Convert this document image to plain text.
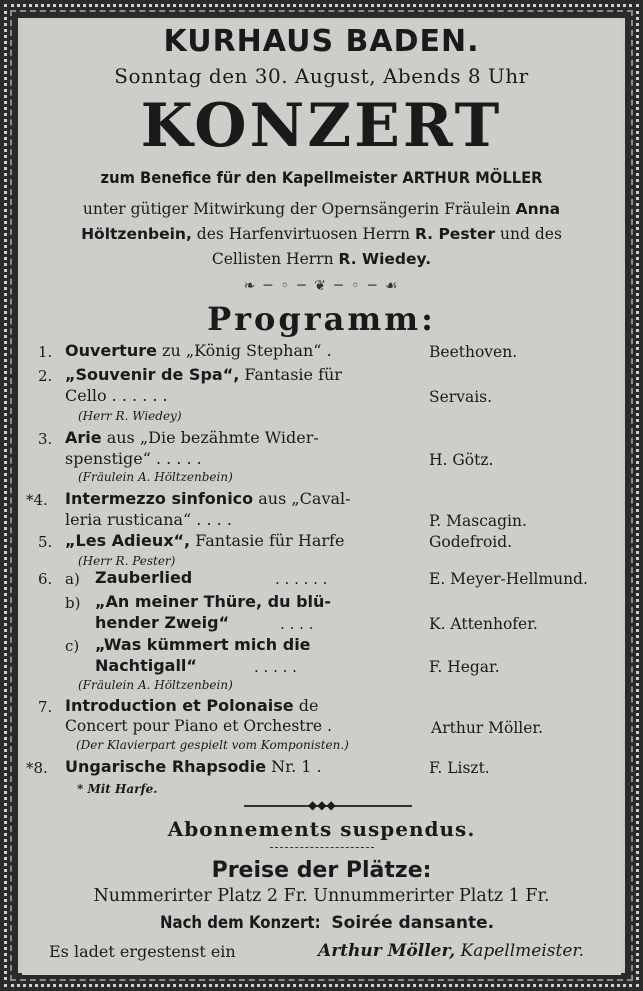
KURHAUS BADEN.
Sonntag den 30. August, Abends 8 Uhr
KONZERT
zum Benefice für den Kapellmeister ARTHUR MÖLLER
unter gütiger Mitwirkung der Opernsängerin Fräulein Anna
Höltzenbein, des Harfenvirtuosen Herrn R. Pester und des
Cellisten Herrn R. Wiedey.
❧ ─ ◦ ─ ❦ ─ ◦ ─ ☙
Programm:
1. Ouverture zu „König Stephan“ .	Beethoven.
2. „Souvenir de Spa“, Fantasie für
Cello . . . . . .	Servais.
(Herr R. Wiedey)
3. Arie aus „Die bezähmte Wider-
spenstige“ . . . . .	H. Götz.
(Fräulein A. Höltzenbein)
*4. Intermezzo sinfonico aus „Caval-
leria rusticana“ . . . .	P. Mascagin.
5. „Les Adieux“, Fantasie für Harfe	Godefroid.
(Herr R. Pester)
6. a) Zauberlied	. . . . . .	E. Meyer-Hellmund.
b) „An meiner Thüre, du blü-
hender Zweig“	. . . .	K. Attenhofer.
c) „Was kümmert mich die
Nachtigall“	. . . . .	F. Hegar.
(Fräulein A. Höltzenbein)
7. Introduction et Polonaise de
Concert pour Piano et Orchestre .	Arthur Möller.
(Der Klavierpart gespielt vom Komponisten.)
*8. Ungarische Rhapsodie Nr. 1 .	F. Liszt.
* Mit Harfe.
◆◆◆
Abonnements suspendus.
Preise der Plätze:
Nummerirter Platz 2 Fr. Unnummerirter Platz 1 Fr.
Nach dem Konzert:Soirée dansante.
Es ladet ergestenst ein	Arthur Möller, Kapellmeister.
